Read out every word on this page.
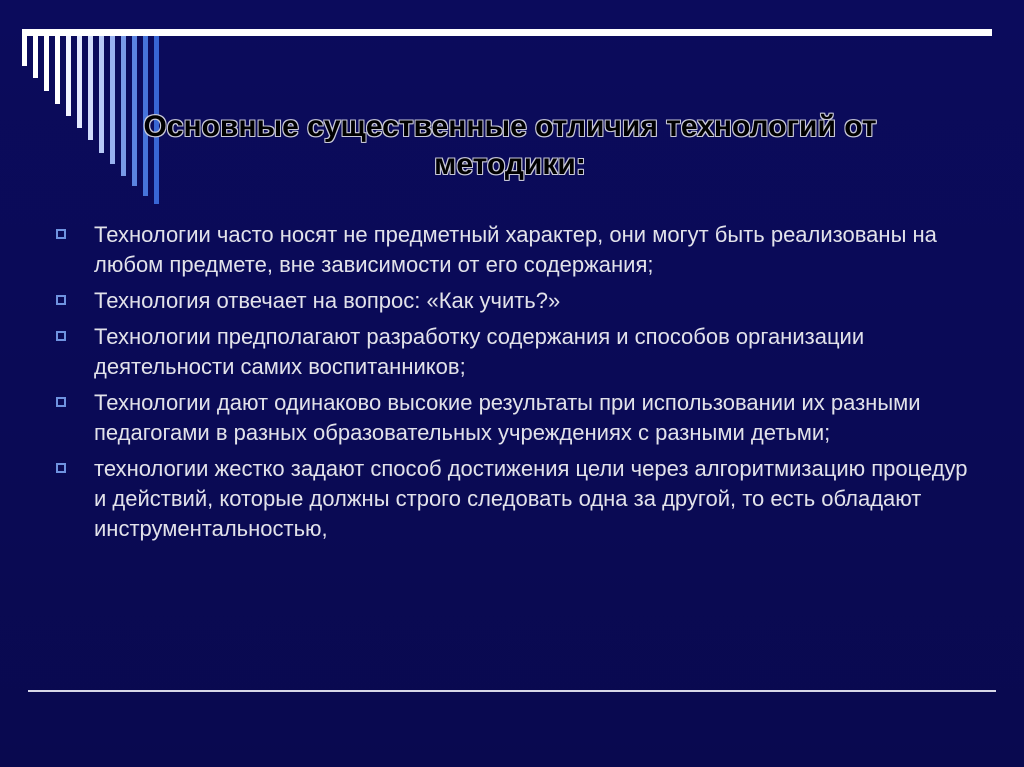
Основные существенные отличия технологий от
методики:
Технологии часто носят не предметный характер, они могут быть реализованы на любом предмете, вне зависимости от его содержания;
Технология отвечает на вопрос: «Как учить?»
Технологии предполагают разработку содержания и способов организации деятельности самих воспитанников;
Технологии дают одинаково высокие результаты при использовании их разными педагогами в разных образовательных учреждениях с разными детьми;
технологии жестко задают способ достижения цели через алгоритмизацию процедур и действий, которые должны строго следовать одна за другой, то есть обладают инструментальностью,
